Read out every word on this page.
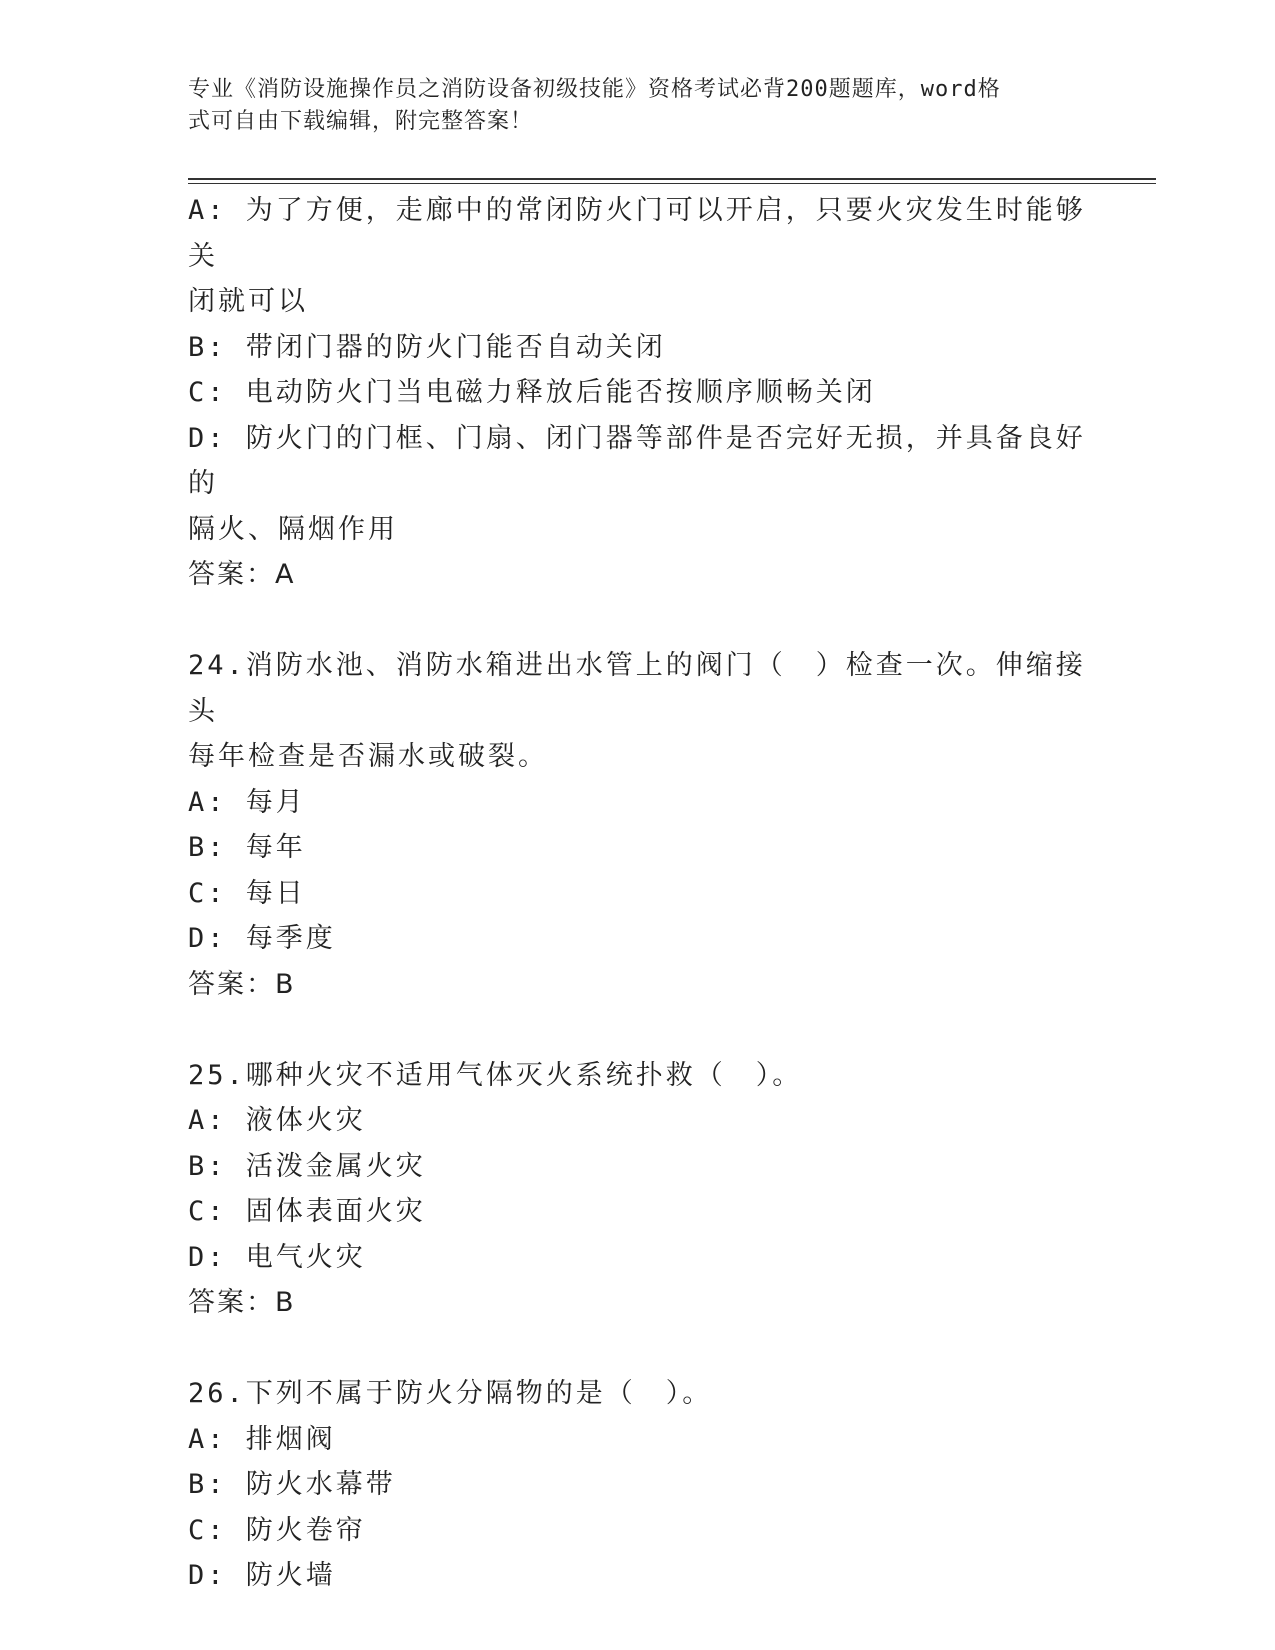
专业《消防设施操作员之消防设备初级技能》资格考试必背200题题库，word格
式可自由下载编辑，附完整答案！
A: 为了方便，走廊中的常闭防火门可以开启，只要火灾发生时能够关
闭就可以
B: 带闭门器的防火门能否自动关闭
C: 电动防火门当电磁力释放后能否按顺序顺畅关闭
D: 防火门的门框、门扇、闭门器等部件是否完好无损，并具备良好的
隔火、隔烟作用
答案：A
24.消防水池、消防水箱进出水管上的阀门（　）检查一次。伸缩接头
每年检查是否漏水或破裂。
A: 每月
B: 每年
C: 每日
D: 每季度
答案：B
25.哪种火灾不适用气体灭火系统扑救（　）。
A: 液体火灾
B: 活泼金属火灾
C: 固体表面火灾
D: 电气火灾
答案：B
26.下列不属于防火分隔物的是（　）。
A: 排烟阀
B: 防火水幕带
C: 防火卷帘
D: 防火墙
